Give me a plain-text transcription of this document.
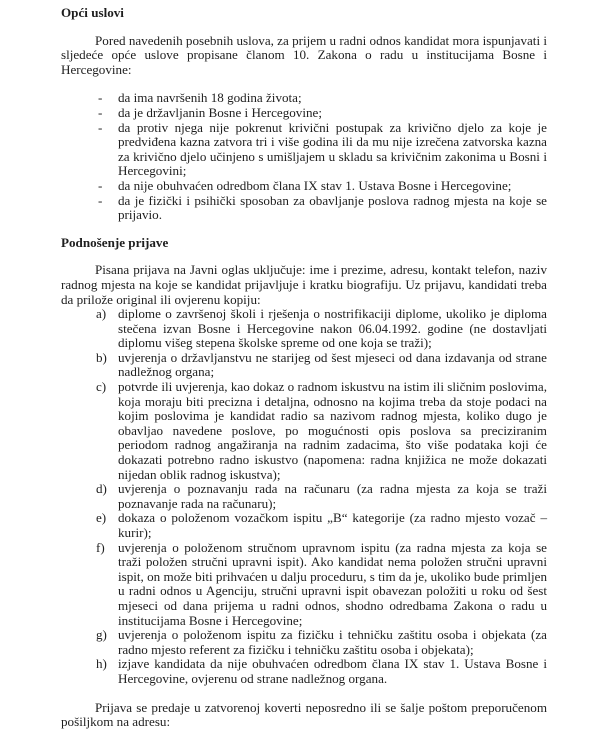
Opći uslovi

Pored navedenih posebnih uslova, za prijem u radni odnos kandidat mora ispunjavati i sljedeće opće uslove propisane članom 10. Zakona o radu u institucijama Bosne i Hercegovine:

- da ima navršenih 18 godina života;
- da je državljanin Bosne i Hercegovine;
- da protiv njega nije pokrenut krivični postupak za krivično djelo za koje je predviđena kazna zatvora tri i više godina ili da mu nije izrečena zatvorska kazna za krivično djelo učinjeno s umišljajem u skladu sa krivičnim zakonima u Bosni i Hercegovini;
- da nije obuhvaćen odredbom člana IX stav 1. Ustava Bosne i Hercegovine;
- da je fizički i psihički sposoban za obavljanje poslova radnog mjesta na koje se prijavio.

Podnošenje prijave

Pisana prijava na Javni oglas uključuje: ime i prezime, adresu, kontakt telefon, naziv radnog mjesta na koje se kandidat prijavljuje i kratku biografiju. Uz prijavu, kandidati treba da prilože original ili ovjerenu kopiju:

a) diplome o završenoj školi i rješenja o nostrifikaciji diplome, ukoliko je diploma stečena izvan Bosne i Hercegovine nakon 06.04.1992. godine (ne dostavljati diplomu višeg stepena školske spreme od one koja se traži);
b) uvjerenja o državljanstvu ne starijeg od šest mjeseci od dana izdavanja od strane nadležnog organa;
c) potvrde ili uvjerenja, kao dokaz o radnom iskustvu na istim ili sličnim poslovima, koja moraju biti precizna i detaljna, odnosno na kojima treba da stoje podaci na kojim poslovima je kandidat radio sa nazivom radnog mjesta, koliko dugo je obavljao navedene poslove, po mogućnosti opis poslova sa preciziranim periodom radnog angažiranja na radnim zadacima, što više podataka koji će dokazati potrebno radno iskustvo (napomena: radna knjižica ne može dokazati nijedan oblik radnog iskustva);
d) uvjerenja o poznavanju rada na računaru (za radna mjesta za koja se traži poznavanje rada na računaru);
e) dokaza o položenom vozačkom ispitu „B“ kategorije (za radno mjesto vozač – kurir);
f) uvjerenja o položenom stručnom upravnom ispitu (za radna mjesta za koja se traži položen stručni upravni ispit). Ako kandidat nema položen stručni upravni ispit, on može biti prihvaćen u dalju proceduru, s tim da je, ukoliko bude primljen u radni odnos u Agenciju, stručni upravni ispit obavezan položiti u roku od šest mjeseci od dana prijema u radni odnos, shodno odredbama Zakona o radu u institucijama Bosne i Hercegovine;
g) uvjerenja o položenom ispitu za fizičku i tehničku zaštitu osoba i objekata (za radno mjesto referent za fizičku i tehničku zaštitu osoba i objekata);
h) izjave kandidata da nije obuhvaćen odredbom člana IX stav 1. Ustava Bosne i Hercegovine, ovjerenu od strane nadležnog organa.

Prijava se predaje u zatvorenoj koverti neposredno ili se šalje poštom preporučenom pošiljkom na adresu:
